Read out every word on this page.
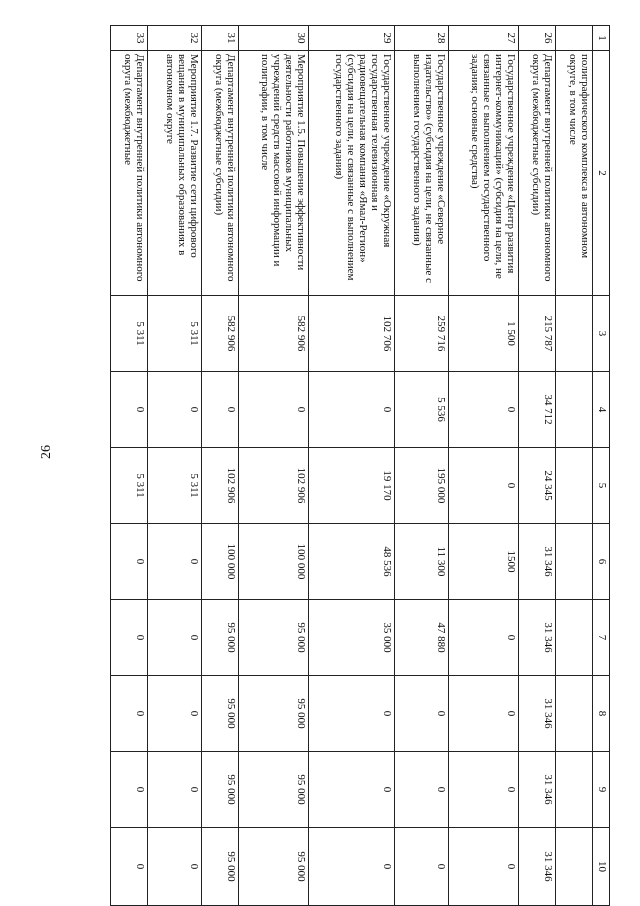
26
1	2	3	4	5	6	7	8	9	10
	полиграфического комплекса в автономном округе, в том числе								
26	Департамент внутренней политики автономного округа (межбюджетные субсидии)	215 787	34 712	24 345	31 346	31 346	31 346	31 346	31 346
27	Государственное учреждение «Центр развития интернет-коммуникаций» (субсидия на цели, не связанные с выполнением государственного задания; основные средства)	1 500	0	0	1500	0	0	0	0
28	Государственное учреждение «Северное издательство» (субсидия на цели, не связанные с выполнением государственного задания)	259 716	5 536	195 000	11 300	47 880	0	0	0
29	Государственное учреждение «Окружная государственная телевизионная и радиовещательная компания «Ямал-Регион» (субсидия на цели, не связанные с выполнением государственного задания)	102 706	0	19 170	48 536	35 000	0	0	0
30	Мероприятие 1.5. Повышение эффективности деятельности работников муниципальных учреждений средств массовой информации и полиграфии, в том числе	582 906	0	102 906	100 000	95 000	95 000	95 000	95 000
31	Департамент внутренней политики автономного округа (межбюджетные субсидии)	582 906	0	102 906	100 000	95 000	95 000	95 000	95 000
32	Мероприятие 1.7. Развитие сети цифрового вещания в муниципальных образованиях в автономном округе	5 311	0	5 311	0	0	0	0	0
33	Департамент внутренней политики автономного округа (межбюджетные	5 311	0	5 311	0	0	0	0	0
